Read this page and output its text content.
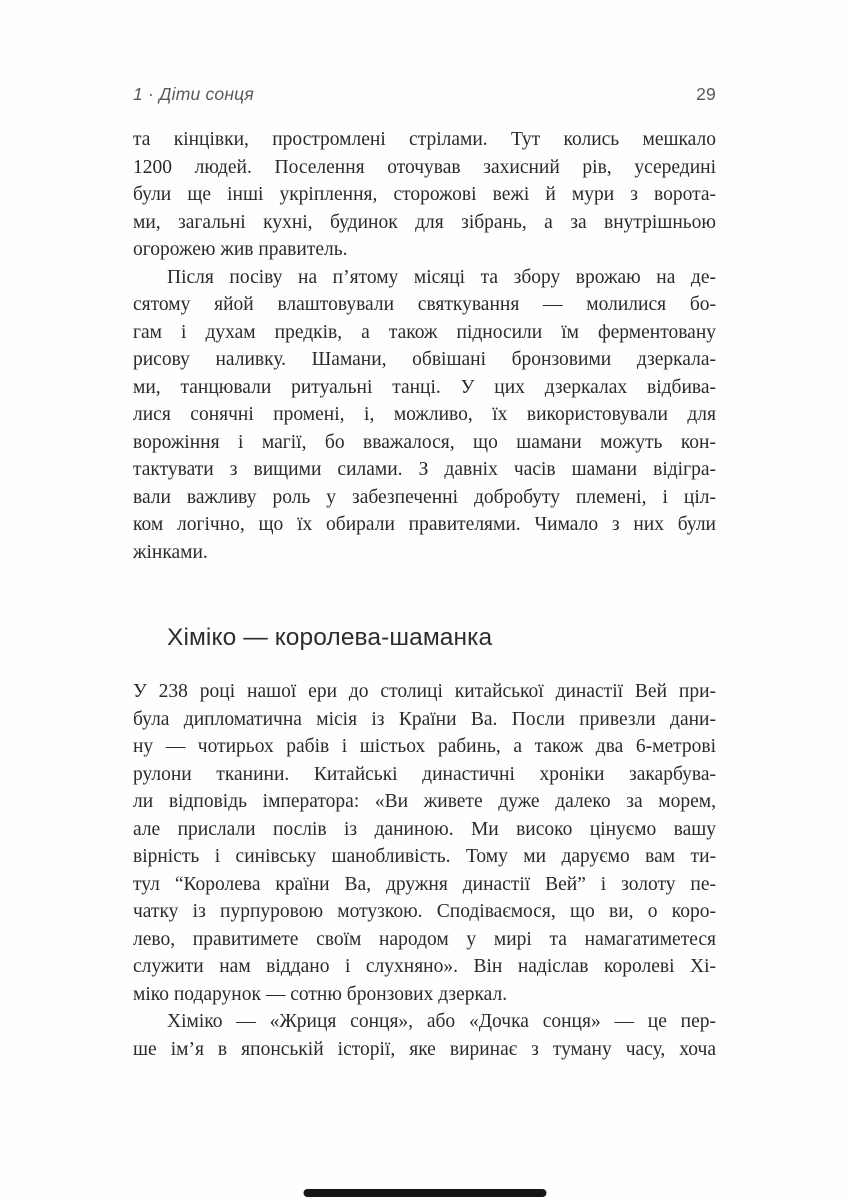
1 · Діти сонця	29
та кінцівки, простромлені стрілами. Тут колись мешкало
1200 людей. Поселення оточував захисний рів, усередині
були ще інші укріплення, сторожові вежі й мури з ворота-
ми, загальні кухні, будинок для зібрань, а за внутрішньою
огорожею жив правитель.
Після посіву на п’ятому місяці та збору врожаю на де-
сятому яйой влаштовували святкування — молилися бо-
гам і духам предків, а також підносили їм ферментовану
рисову наливку. Шамани, обвішані бронзовими дзеркала-
ми, танцювали ритуальні танці. У цих дзеркалах відбива-
лися сонячні промені, і, можливо, їх використовували для
ворожіння і магії, бо вважалося, що шамани можуть кон-
тактувати з вищими силами. З давніх часів шамани відігра-
вали важливу роль у забезпеченні добробуту племені, і ціл-
ком логічно, що їх обирали правителями. Чимало з них були
жінками.
Хіміко — королева-шаманка
У 238 році нашої ери до столиці китайської династії Вей при-
була дипломатична місія із Країни Ва. Посли привезли дани-
ну — чотирьох рабів і шістьох рабинь, а також два 6-метрові
рулони тканини. Китайські династичні хроніки закарбува-
ли відповідь імператора: «Ви живете дуже далеко за морем,
але прислали послів із даниною. Ми високо цінуємо вашу
вірність і синівську шанобливість. Тому ми даруємо вам ти-
тул “Королева країни Ва, дружня династії Вей” і золоту пе-
чатку із пурпуровою мотузкою. Сподіваємося, що ви, о коро-
лево, правитимете своїм народом у мирі та намагатиметеся
служити нам віддано і слухняно». Він надіслав королеві Хі-
міко подарунок — сотню бронзових дзеркал.
Хіміко — «Жриця сонця», або «Дочка сонця» — це пер-
ше ім’я в японській історії, яке виринає з туману часу, хоча
